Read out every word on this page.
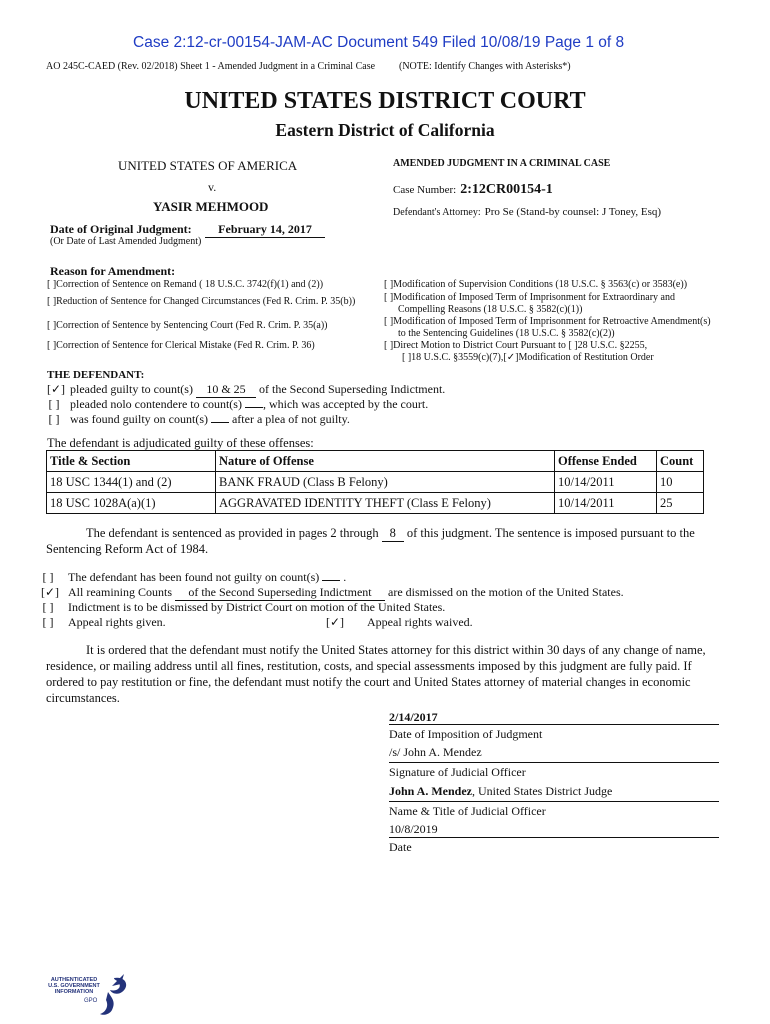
Case 2:12-cr-00154-JAM-AC Document 549 Filed 10/08/19 Page 1 of 8
AO 245C-CAED (Rev. 02/2018) Sheet 1 - Amended Judgment in a Criminal Case (NOTE: Identify Changes with Asterisks*)
UNITED STATES DISTRICT COURT
Eastern District of California
UNITED STATES OF AMERICA
v.
YASIR MEHMOOD
AMENDED JUDGMENT IN A CRIMINAL CASE
Case Number: 2:12CR00154-1
Defendant's Attorney: Pro Se (Stand-by counsel: J Toney, Esq)
Date of Original Judgment:	February 14, 2017
(Or Date of Last Amended Judgment)
Reason for Amendment:
[ ]Correction of Sentence on Remand ( 18 U.S.C. 3742(f)(1) and (2))
[ ]Reduction of Sentence for Changed Circumstances (Fed R. Crim. P. 35(b))
[ ]Correction of Sentence by Sentencing Court (Fed R. Crim. P. 35(a))
[ ]Correction of Sentence for Clerical Mistake (Fed R. Crim. P. 36)
[ ]Modification of Supervision Conditions (18 U.S.C. § 3563(c) or 3583(e))
[ ]Modification of Imposed Term of Imprisonment for Extraordinary and
Compelling Reasons (18 U.S.C. § 3582(c)(1))
[ ]Modification of Imposed Term of Imprisonment for Retroactive Amendment(s)
to the Sentencing Guidelines (18 U.S.C. § 3582(c)(2))
[ ]Direct Motion to District Court Pursuant to [ ]28 U.S.C. §2255,
[ ]18 U.S.C. §3559(c)(7),[✓]Modification of Restitution Order
THE DEFENDANT:
[✓] pleaded guilty to count(s) 10 & 25 of the Second Superseding Indictment.
[ ] pleaded nolo contendere to count(s) , which was accepted by the court.
[ ] was found guilty on count(s) after a plea of not guilty.
The defendant is adjudicated guilty of these offenses:
Title & Section	Nature of Offense	Offense Ended	Count
18 USC 1344(1) and (2)	BANK FRAUD (Class B Felony)	10/14/2011	10
18 USC 1028A(a)(1)	AGGRAVATED IDENTITY THEFT (Class E Felony)	10/14/2011	25
The defendant is sentenced as provided in pages 2 through 8 of this judgment. The sentence is imposed pursuant to the
Sentencing Reform Act of 1984.
[ ] The defendant has been found not guilty on count(s)  .
[✓] All reamining Counts of the Second Superseding Indictment are dismissed on the motion of the United States.
[ ] Indictment is to be dismissed by District Court on motion of the United States.
[ ] Appeal rights given.	[✓] Appeal rights waived.
It is ordered that the defendant must notify the United States attorney for this district within 30 days of any change of name, residence, or mailing address until all fines, restitution, costs, and special assessments imposed by this judgment are fully paid. If ordered to pay restitution or fine, the defendant must notify the court and United States attorney of material changes in economic circumstances.
2/14/2017
Date of Imposition of Judgment
/s/ John A. Mendez
Signature of Judicial Officer
John A. Mendez, United States District Judge
Name & Title of Judicial Officer
10/8/2019
Date
AUTHENTICATED
U.S. GOVERNMENT
INFORMATION
GPO
